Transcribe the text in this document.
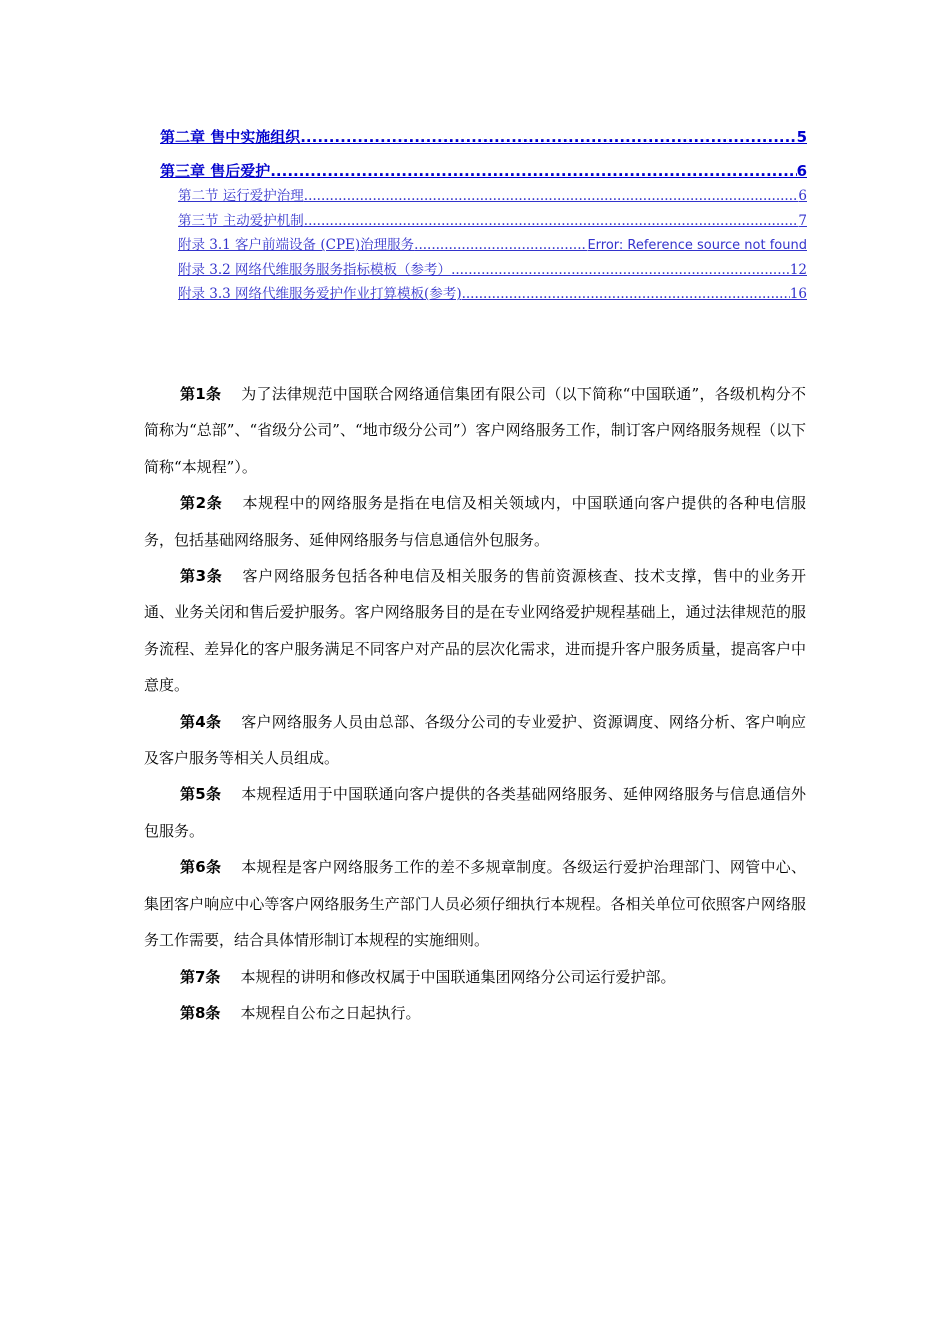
第二章 售中实施组织 .....	5
第三章 售后爱护 .....	6
第二节 运行爱护治理 .....	6
第三节 主动爱护机制 .....	7
附录 3.1 客户前端设备 (CPE)治理服务 .....	Error: Reference source not found
附录 3.2 网络代维服务服务指标模板（参考） .....	12
附录 3.3 网络代维服务爱护作业打算模板(参考) .....	16

第1条 为了法律规范中国联合网络通信集团有限公司（以下简称“中国联通”，各级机构分不简称为“总部”、“省级分公司”、“地市级分公司”）客户网络服务工作，制订客户网络服务规程（以下简称“本规程”）。

第2条 本规程中的网络服务是指在电信及相关领域内，中国联通向客户提供的各种电信服务，包括基础网络服务、延伸网络服务与信息通信外包服务。

第3条 客户网络服务包括各种电信及相关服务的售前资源核查、技术支撑，售中的业务开通、业务关闭和售后爱护服务。客户网络服务目的是在专业网络爱护规程基础上，通过法律规范的服务流程、差异化的客户服务满足不同客户对产品的层次化需求，进而提升客户服务质量，提高客户中意度。

第4条 客户网络服务人员由总部、各级分公司的专业爱护、资源调度、网络分析、客户响应及客户服务等相关人员组成。

第5条 本规程适用于中国联通向客户提供的各类基础网络服务、延伸网络服务与信息通信外包服务。

第6条 本规程是客户网络服务工作的差不多规章制度。各级运行爱护治理部门、网管中心、集团客户响应中心等客户网络服务生产部门人员必须仔细执行本规程。各相关单位可依照客户网络服务工作需要，结合具体情形制订本规程的实施细则。

第7条 本规程的讲明和修改权属于中国联通集团网络分公司运行爱护部。

第8条 本规程自公布之日起执行。
